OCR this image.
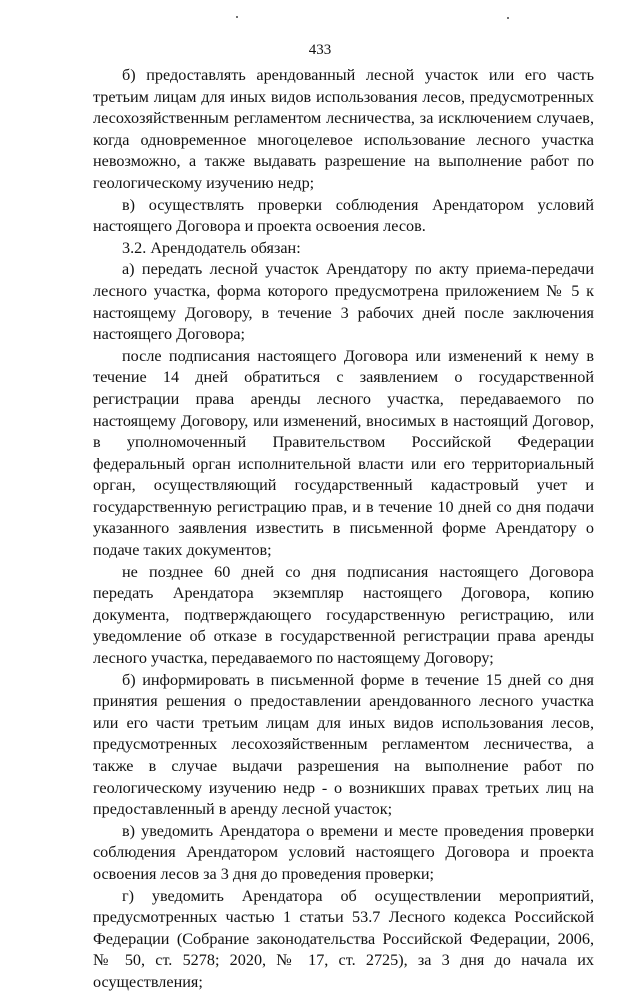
433

б) предоставлять арендованный лесной участок или его часть третьим лицам для иных видов использования лесов, предусмотренных лесохозяйственным регламентом лесничества, за исключением случаев, когда одновременное многоцелевое использование лесного участка невозможно, а также выдавать разрешение на выполнение работ по геологическому изучению недр;

в) осуществлять проверки соблюдения Арендатором условий настоящего Договора и проекта освоения лесов.

3.2. Арендодатель обязан:

а) передать лесной участок Арендатору по акту приема-передачи лесного участка, форма которого предусмотрена приложением № 5 к настоящему Договору, в течение 3 рабочих дней после заключения настоящего Договора;

после подписания настоящего Договора или изменений к нему в течение 14 дней обратиться с заявлением о государственной регистрации права аренды лесного участка, передаваемого по настоящему Договору, или изменений, вносимых в настоящий Договор, в уполномоченный Правительством Российской Федерации федеральный орган исполнительной власти или его территориальный орган, осуществляющий государственный кадастровый учет и государственную регистрацию прав, и в течение 10 дней со дня подачи указанного заявления известить в письменной форме Арендатору о подаче таких документов;

не позднее 60 дней со дня подписания настоящего Договора передать Арендатора экземпляр настоящего Договора, копию документа, подтверждающего государственную регистрацию, или уведомление об отказе в государственной регистрации права аренды лесного участка, передаваемого по настоящему Договору;

б) информировать в письменной форме в течение 15 дней со дня принятия решения о предоставлении арендованного лесного участка или его части третьим лицам для иных видов использования лесов, предусмотренных лесохозяйственным регламентом лесничества, а также в случае выдачи разрешения на выполнение работ по геологическому изучению недр - о возникших правах третьих лиц на предоставленный в аренду лесной участок;

в) уведомить Арендатора о времени и месте проведения проверки соблюдения Арендатором условий настоящего Договора и проекта освоения лесов за 3 дня до проведения проверки;

г) уведомить Арендатора об осуществлении мероприятий, предусмотренных частью 1 статьи 53.7 Лесного кодекса Российской Федерации (Собрание законодательства Российской Федерации, 2006, № 50, ст. 5278; 2020, № 17, ст. 2725), за 3 дня до начала их осуществления;
